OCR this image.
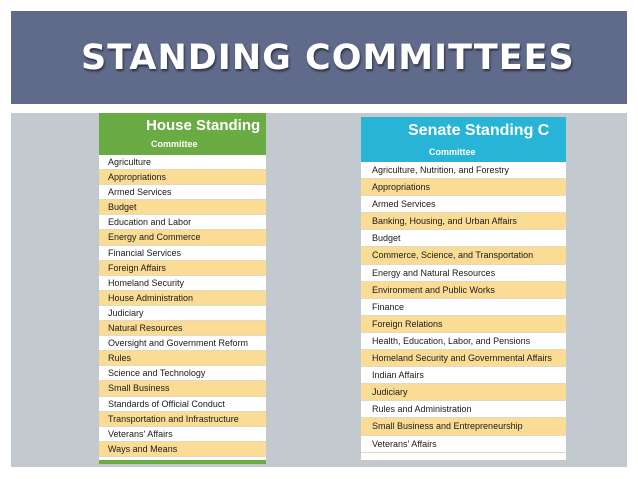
STANDING COMMITTEES
House Standing
Committee
Agriculture
Appropriations
Armed Services
Budget
Education and Labor
Energy and Commerce
Financial Services
Foreign Affairs
Homeland Security
House Administration
Judiciary
Natural Resources
Oversight and Government Reform
Rules
Science and Technology
Small Business
Standards of Official Conduct
Transportation and Infrastructure
Veterans' Affairs
Ways and Means
Senate Standing C
Committee
Agriculture, Nutrition, and Forestry
Appropriations
Armed Services
Banking, Housing, and Urban Affairs
Budget
Commerce, Science, and Transportation
Energy and Natural Resources
Environment and Public Works
Finance
Foreign Relations
Health, Education, Labor, and Pensions
Homeland Security and Governmental Affairs
Indian Affairs
Judiciary
Rules and Administration
Small Business and Entrepreneurship
Veterans' Affairs
